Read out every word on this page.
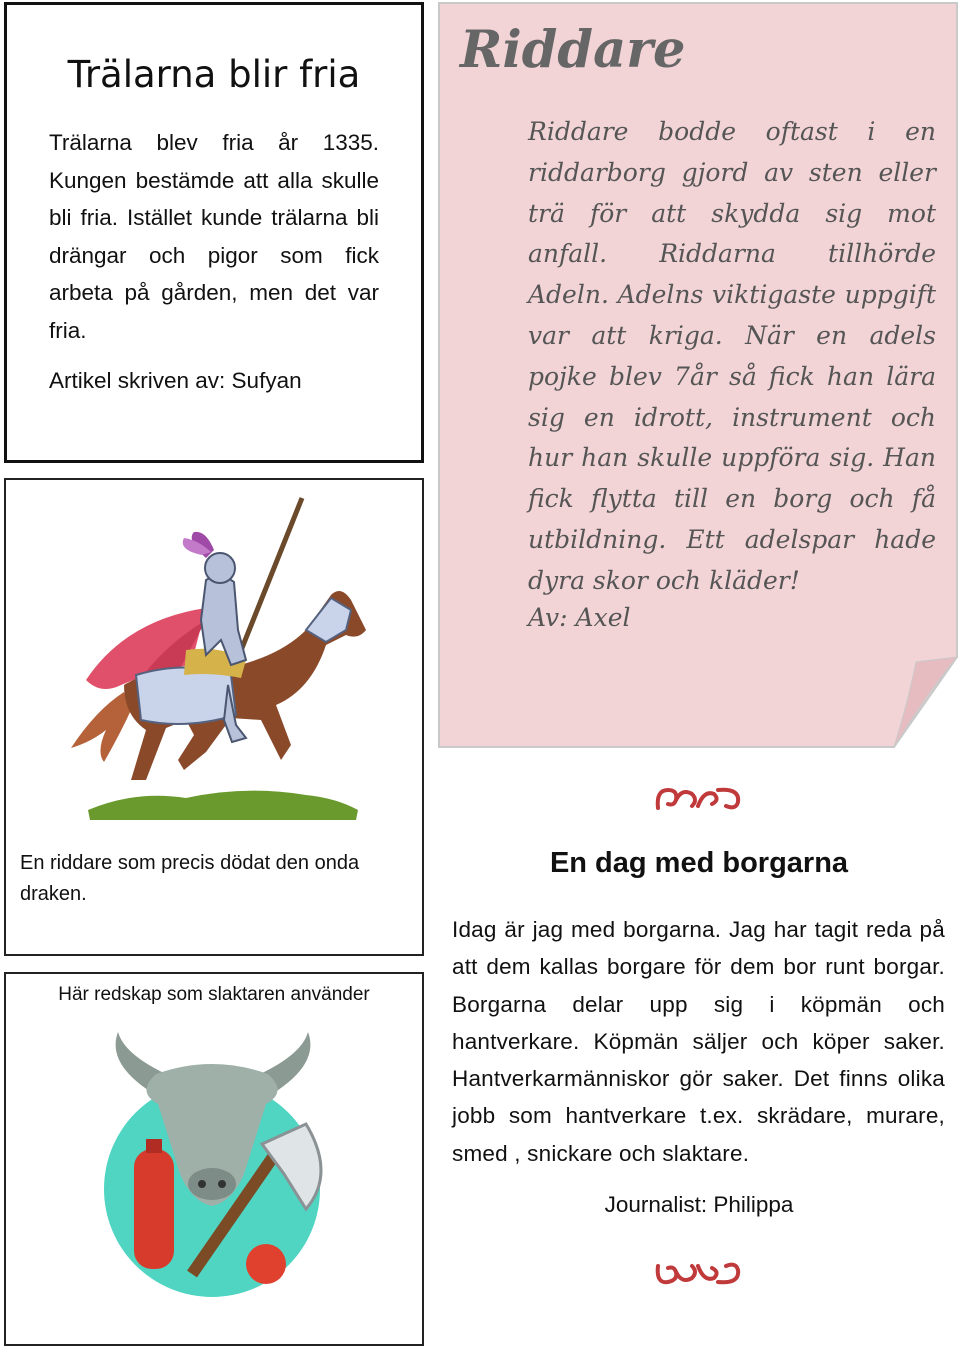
Trälarna blir fria
Trälarna blev fria år 1335. Kungen bestämde att alla skulle bli fria. Istället kunde trälarna bli drängar och pigor som fick arbeta på gården, men det var fria.
Artikel skriven av: Sufyan
En riddare som precis dödat den onda draken.
Här redskap som slaktaren använder
Riddare
Riddare bodde oftast i en riddarborg gjord av sten eller trä för att skydda sig mot anfall. Riddarna tillhörde Adeln. Adelns viktigaste uppgift var att kriga. När en adels pojke blev 7år så fick han lära sig en idrott, instrument och hur han skulle uppföra sig. Han fick flytta till en borg och få utbildning. Ett adelspar hade dyra skor och kläder!
Av: Axel
En dag med borgarna
Idag är jag med borgarna. Jag har tagit reda på att dem kallas borgare för dem bor runt borgar. Borgarna delar upp sig i köpmän och hantverkare. Köpmän säljer och köper saker. Hantverkarmänniskor gör saker. Det finns olika jobb som hantverkare t.ex. skrädare, murare, smed , snickare och slaktare.
Journalist: Philippa
